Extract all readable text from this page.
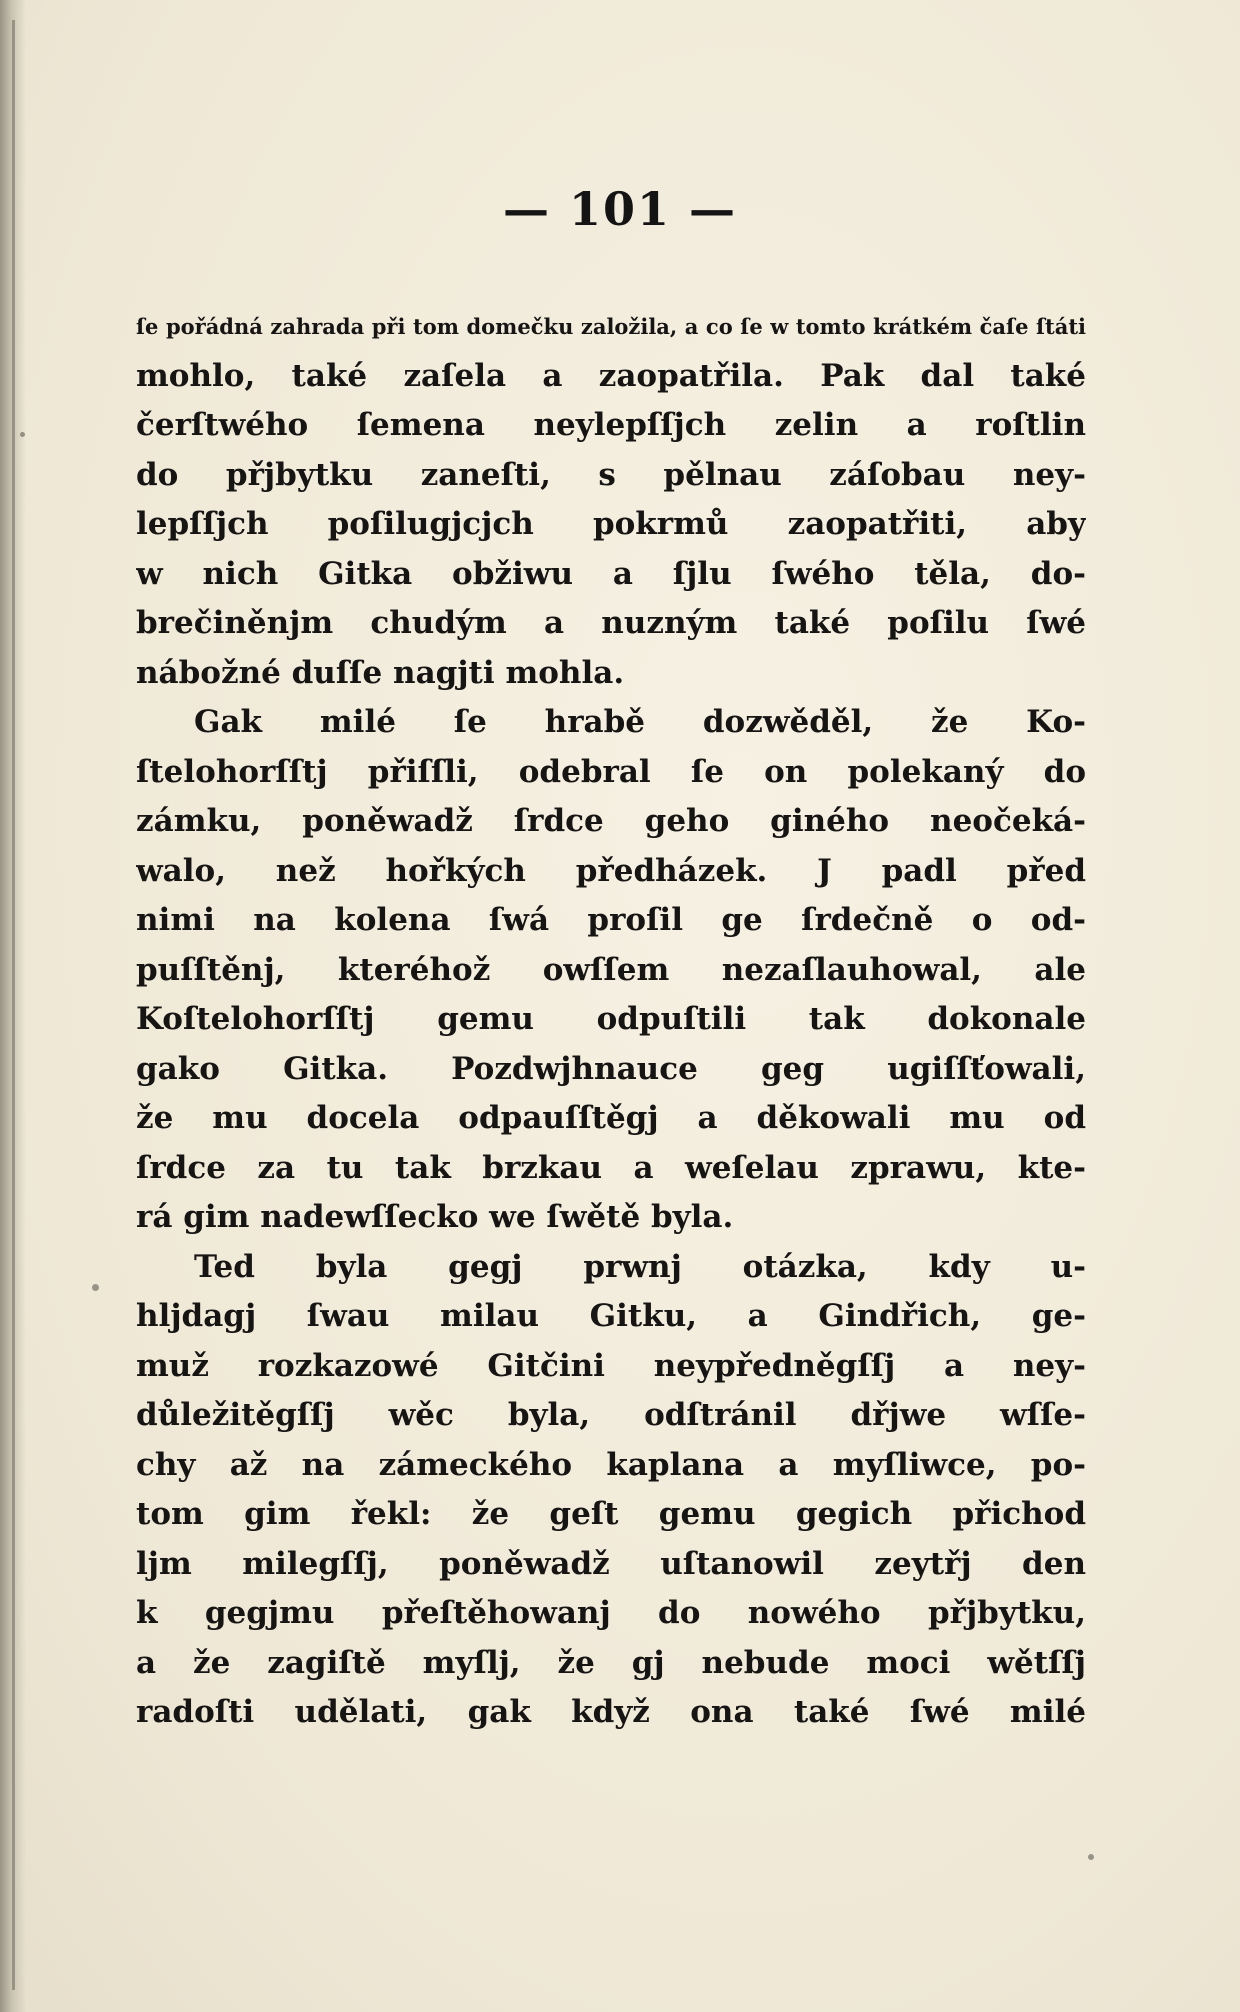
— 101 —
ſe pořádná zahrada při tom domečku založila, a co ſe w tomto krátkém čaſe ſtáti
mohlo, také zaſela a zaopatřila. Pak dal také
čerſtwého ſemena neylepſſjch zelin a roſtlin
do přjbytku zaneſti, s pělnau záſobau ney-
lepſſjch poſilugjcjch pokrmů zaopatřiti, aby
w nich Gitka obžiwu a ſjlu ſwého těla, do-
brečiněnjm chudým a nuzným také poſilu ſwé
nábožné duſſe nagjti mohla.
Gak milé ſe hrabě dozwěděl, že Ko-
ſtelohorſſtj přiſſli, odebral ſe on polekaný do
zámku, poněwadž ſrdce geho giného neočeká-
walo, než hořkých předházek. J padl před
nimi na kolena ſwá proſil ge ſrdečně o od-
puſſtěnj, kteréhož owſſem nezaſlauhowal, ale
Koſtelohorſſtj gemu odpuſtili tak dokonale
gako Gitka. Pozdwjhnauce geg ugiſſťowali,
že mu docela odpauſſtěgj a děkowali mu od
ſrdce za tu tak brzkau a weſelau zprawu, kte-
rá gim nadewſſecko we ſwětě byla.
Ted byla gegj prwnj otázka, kdy u-
hljdagj ſwau milau Gitku, a Gindřich, ge-
muž rozkazowé Gitčini neypředněgſſj a ney-
důležitěgſſj wěc byla, odſtránil dřjwe wſſe-
chy až na zámeckého kaplana a myſliwce, po-
tom gim řekl: že geſt gemu gegich přichod
ljm milegſſj, poněwadž uſtanowil zeytřj den
k gegjmu přeſtěhowanj do nowého přjbytku,
a že zagiſtě myſlj, že gj nebude moci wětſſj
radoſti udělati, gak když ona také ſwé milé
